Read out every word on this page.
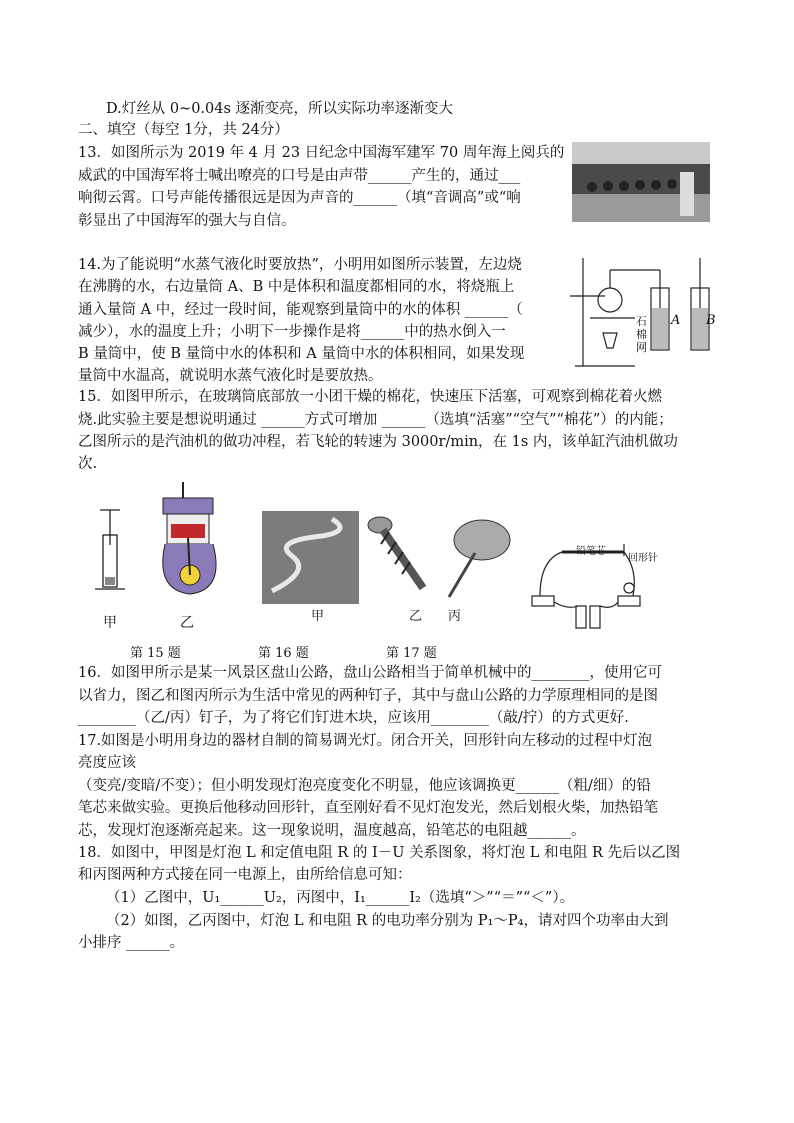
D.灯丝从 0~0.04s 逐渐变亮，所以实际功率逐渐变大
二、填空（每空 1分，共 24分）
13．如图所示为 2019 年 4 月 23 日纪念中国海军建军 70 周年海上阅兵的
威武的中国海军将士喊出嘹亮的口号是由声带______产生的，通过___
响彻云霄。口号声能传播很远是因为声音的______（填“音调高”或“响
彰显出了中国海军的强大与自信。
14.为了能说明“水蒸气液化时要放热”，小明用如图所示装置，左边烧
在沸腾的水，右边量筒 A、B 中是体积和温度都相同的水，将烧瓶上
通入量筒 A 中，经过一段时间，能观察到量筒中的水的体积 ______（
减少），水的温度上升；小明下一步操作是将______中的热水倒入一
B 量筒中，使 B 量筒中水的体积和 A 量筒中水的体积相同，如果发现
量筒中水温高，就说明水蒸气液化时是要放热。
15．如图甲所示，在玻璃筒底部放一小团干燥的棉花，快速压下活塞，可观察到棉花着火燃
烧.此实验主要是想说明通过 ______方式可增加 ______（选填“活塞”“空气”“棉花”）的内能；
乙图所示的是汽油机的做功冲程，若飞轮的转速为 3000r/min，在 1s 内，该单缸汽油机做功
次.
16．如图甲所示是某一风景区盘山公路，盘山公路相当于简单机械中的________，使用它可
以省力，图乙和图丙所示为生活中常见的两种钉子，其中与盘山公路的力学原理相同的是图
________（乙/丙）钉子，为了将它们钉进木块，应该用________（敲/拧）的方式更好.
17.如图是小明用身边的器材自制的简易调光灯。闭合开关，回形针向左移动的过程中灯泡
亮度应该
（变亮/变暗/不变）；但小明发现灯泡亮度变化不明显，他应该调换更______（粗/细）的铅
笔芯来做实验。更换后他移动回形针，直至刚好看不见灯泡发光，然后划根火柴，加热铅笔
芯，发现灯泡逐渐亮起来。这一现象说明，温度越高，铅笔芯的电阻越______。
18．如图中，甲图是灯泡 L 和定值电阻 R 的 I－U 关系图象，将灯泡 L 和电阻 R 先后以乙图
和丙图两种方式接在同一电源上，由所给信息可知：
（1）乙图中，U₁______U₂，丙图中，I₁______I₂（选填“＞”“＝”“＜”）。
（2）如图，乙丙图中，灯泡 L 和电阻 R 的电功率分别为 P₁～P₄，请对四个功率由大到
小排序 ______。
石
棉
网
A B
甲	乙
第 15 题
甲	乙 丙
第 16 题
铅笔芯
回形针
第 17 题
